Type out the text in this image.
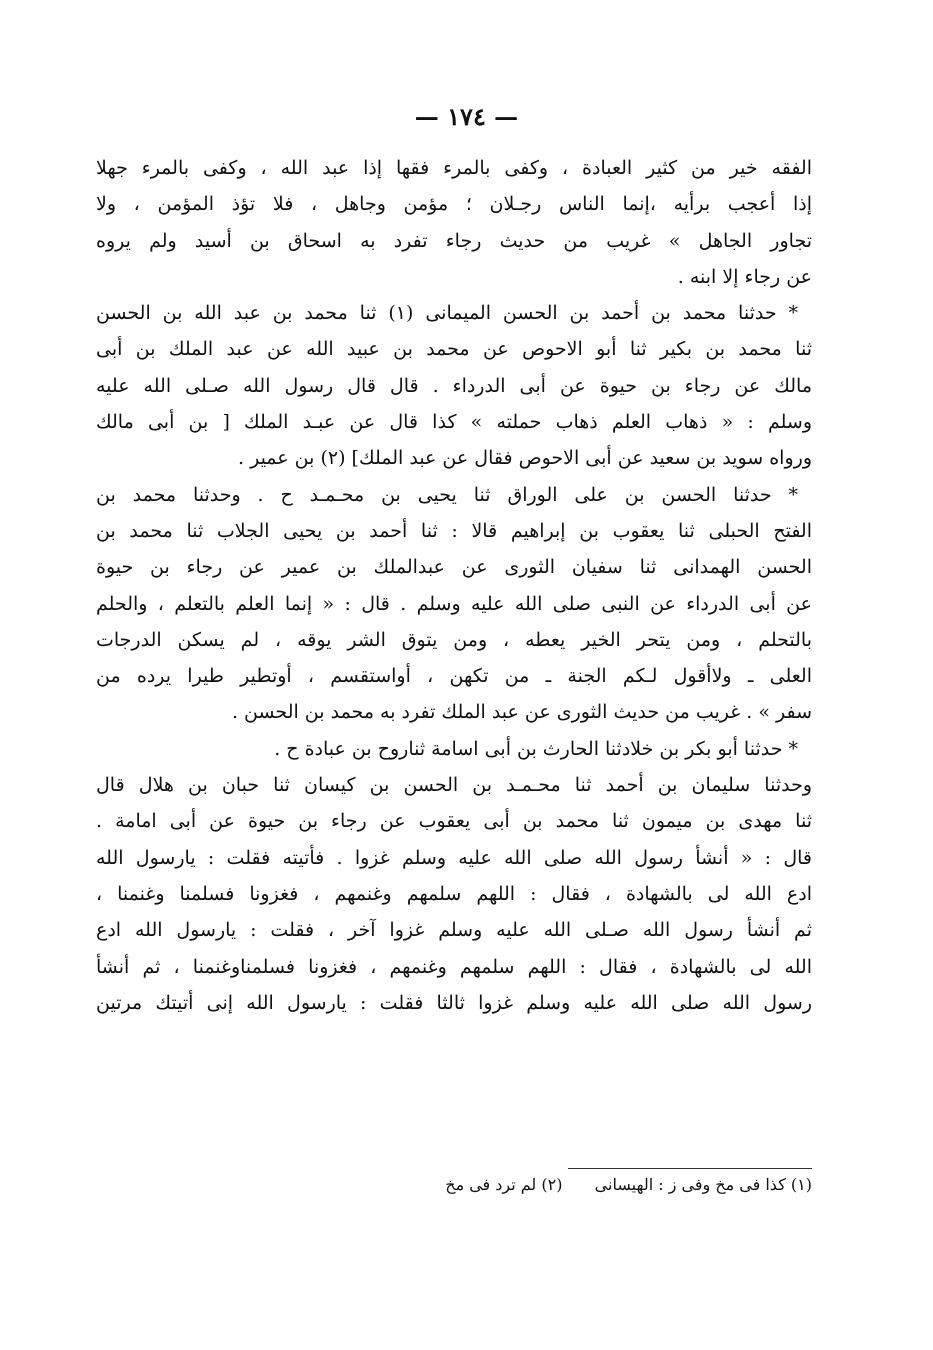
— ١٧٤ —
الفقه خير من كثير العبادة ، وكفى بالمرء فقها إذا عبد الله ، وكفى بالمرء جهلا
إذا أعجب برأيه ،إنما الناس رجـلان ؛ مؤمن وجاهل ، فلا تؤذ المؤمن ، ولا
تجاور الجاهل » غريب من حديث رجاء تفرد به اسحاق بن أسيد ولم يروه
عن رجاء إلا ابنه .
* حدثنا محمد بن أحمد بن الحسن الميمانى (١) ثنا محمد بن عبد الله بن الحسن
ثنا محمد بن بكير ثنا أبو الاحوص عن محمد بن عبيد الله عن عبد الملك بن أبى
مالك عن رجاء بن حيوة عن أبى الدرداء . قال قال رسول الله صـلى الله عليه
وسلم : « ذهاب العلم ذهاب حملته » كذا قال عن عبـد الملك [ بن أبى مالك
ورواه سويد بن سعيد عن أبى الاحوص فقال عن عبد الملك] (٢) بن عمير .
* حدثنا الحسن بن على الوراق ثنا يحيى بن محـمـد ح . وحدثنا محمد بن
الفتح الحبلى ثنا يعقوب بن إبراهيم قالا : ثنا أحمد بن يحيى الجلاب ثنا محمد بن
الحسن الهمدانى ثنا سفيان الثورى عن عبدالملك بن عمير عن رجاء بن حيوة
عن أبى الدرداء عن النبى صلى الله عليه وسلم . قال : « إنما العلم بالتعلم ، والحلم
بالتحلم ، ومن يتحر الخير يعطه ، ومن يتوق الشر يوقه ، لم يسكن الدرجات
العلى ـ ولاأقول لـكم الجنة ـ من تكهن ، أواستقسم ، أوتطير طيرا يرده من
سفر » . غريب من حديث الثورى عن عبد الملك تفرد به محمد بن الحسن .
* حدثنا أبو بكر بن خلادثنا الحارث بن أبى اسامة ثناروح بن عبادة ح .
وحدثنا سليمان بن أحمد ثنا محـمـد بن الحسن بن كيسان ثنا حبان بن هلال قال
ثنا مهدى بن ميمون ثنا محمد بن أبى يعقوب عن رجاء بن حيوة عن أبى امامة .
قال : « أنشأ رسول الله صلى الله عليه وسلم غزوا . فأتيته فقلت : يارسول الله
ادع الله لى بالشهادة ، فقال : اللهم سلمهم وغنمهم ، فغزونا فسلمنا وغنمنا ،
ثم أنشأ رسول الله صـلى الله عليه وسلم غزوا آخر ، فقلت : يارسول الله ادع
الله لى بالشهادة ، فقال : اللهم سلمهم وغنمهم ، فغزونا فسلمناوغنمنا ، ثم أنشأ
رسول الله صلى الله عليه وسلم غزوا ثالثا فقلت : يارسول الله إنى أتيتك مرتين
(١) كذا فى مخ وفى ز : الهيسانى  (٢) لم ترد فى مخ
